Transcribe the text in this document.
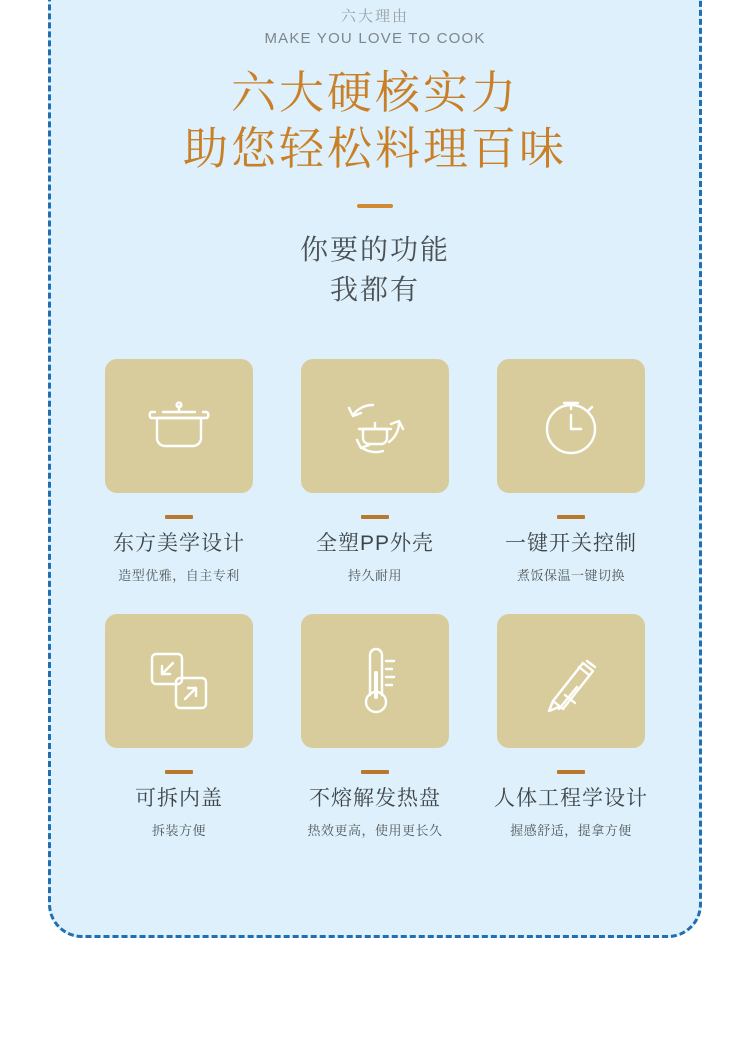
六大理由
MAKE YOU LOVE TO COOK
六大硬核实力
助您轻松料理百味
你要的功能
我都有
东方美学设计
造型优雅，自主专利
全塑PP外壳
持久耐用
一键开关控制
煮饭保温一键切换
可拆内盖
拆装方便
不熔解发热盘
热效更高，使用更长久
人体工程学设计
握感舒适，提拿方便
